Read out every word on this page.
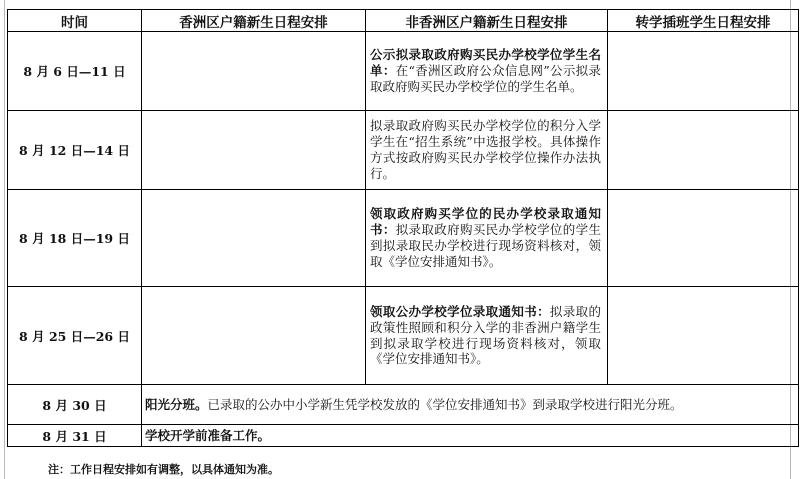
时间	香洲区户籍新生日程安排	非香洲区户籍新生日程安排	转学插班学生日程安排
8 月 6 日—11 日		公示拟录取政府购买民办学校学位学生名单：在“香洲区政府公众信息网”公示拟录取政府购买民办学校学位的学生名单。	
8 月 12 日—14 日		拟录取政府购买民办学校学位的积分入学学生在“招生系统”中选报学校。具体操作方式按政府购买民办学校学位操作办法执行。	
8 月 18 日—19 日		领取政府购买学位的民办学校录取通知书：拟录取政府购买民办学校学位的学生到拟录取民办学校进行现场资料核对，领取《学位安排通知书》。	
8 月 25 日—26 日		领取公办学校学位录取通知书：拟录取的政策性照顾和积分入学的非香洲户籍学生到拟录取学校进行现场资料核对，领取《学位安排通知书》。	
8 月 30 日	阳光分班。已录取的公办中小学新生凭学校发放的《学位安排通知书》到录取学校进行阳光分班。		
8 月 31 日	学校开学前准备工作。		
注：工作日程安排如有调整，以具体通知为准。
